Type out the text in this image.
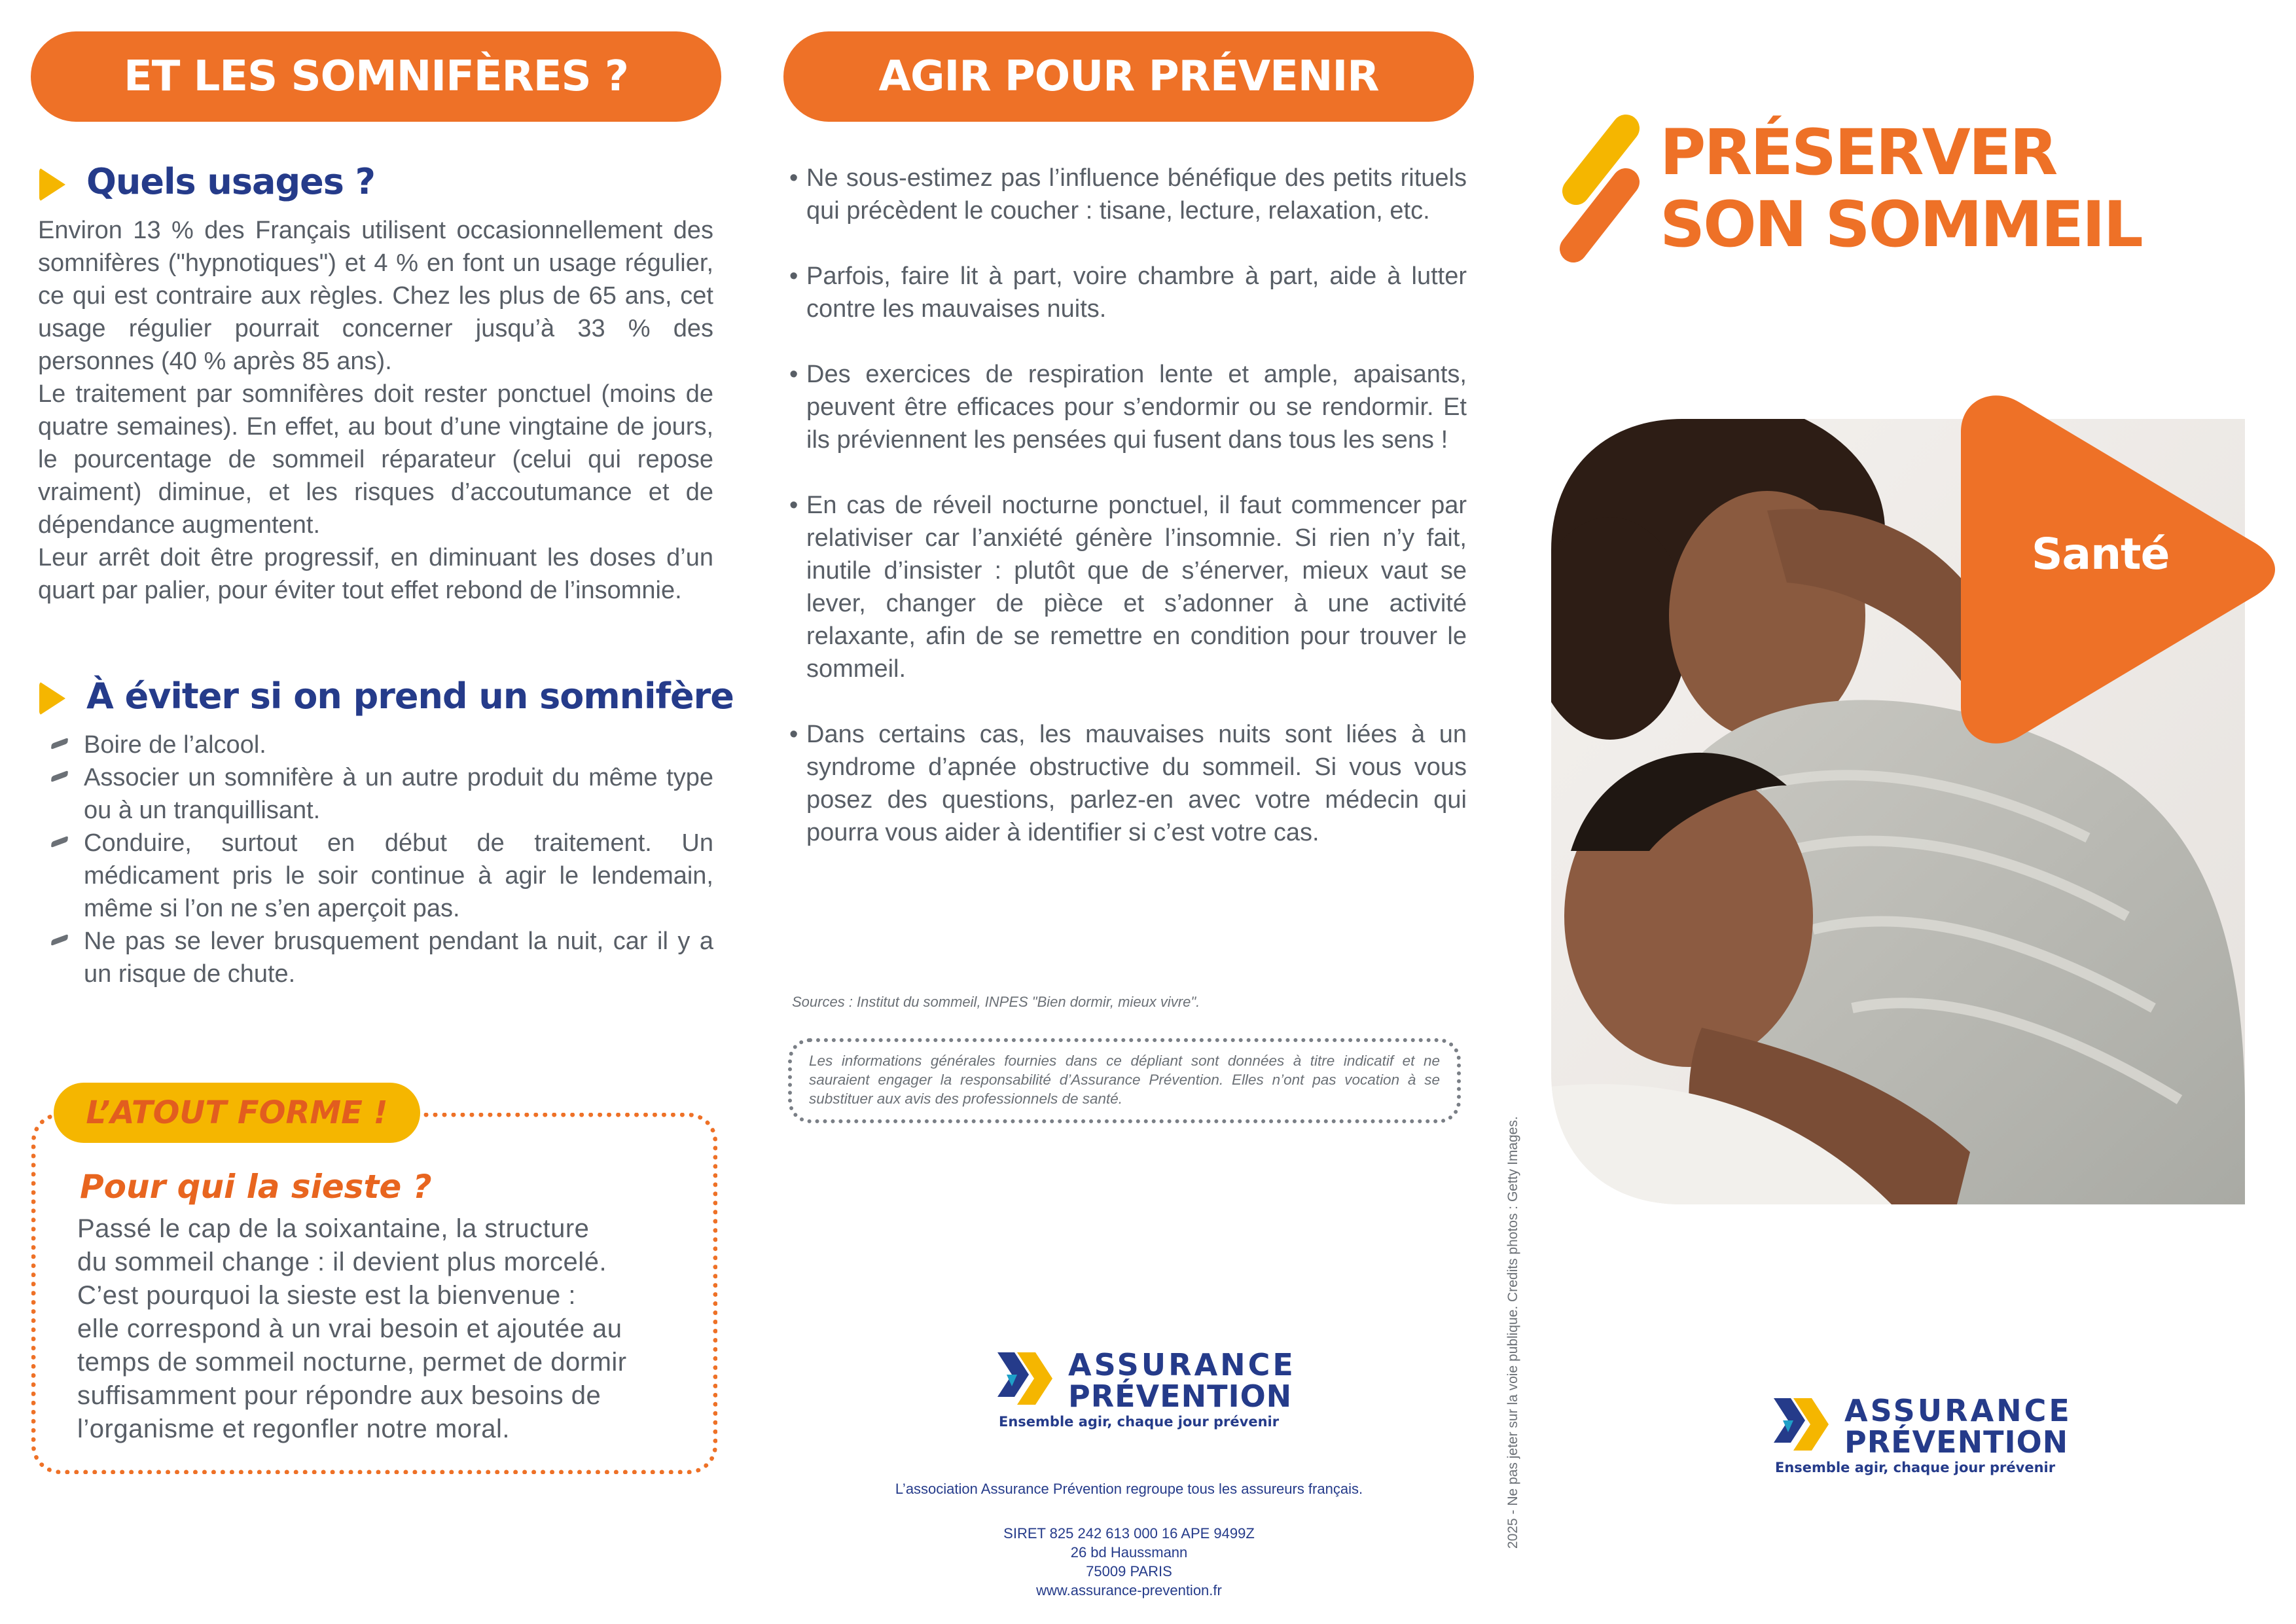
ET LES SOMNIFÈRES ?
Quels usages ?

Environ 13 % des Français utilisent occasionnellement des somnifères ("hypnotiques") et 4 % en font un usage régulier, ce qui est contraire aux règles. Chez les plus de 65 ans, cet usage régulier pourrait concerner jusqu’à 33 % des personnes (40 % après 85 ans).

Le traitement par somnifères doit rester ponctuel (moins de quatre semaines). En effet, au bout d’une vingtaine de jours, le pourcentage de sommeil réparateur (celui qui repose vraiment) diminue, et les risques d’accoutumance et de dépendance augmentent.

Leur arrêt doit être progressif, en diminuant les doses d’un quart par palier, pour éviter tout effet rebond de l’insomnie.

À éviter si on prend un somnifère
Boire de l’alcool.
Associer un somnifère à un autre produit du même type ou à un tranquillisant.
Conduire, surtout en début de traitement. Un médicament pris le soir continue à agir le lendemain, même si l’on ne s’en aperçoit pas.
Ne pas se lever brusquement pendant la nuit, car il y a un risque de chute.
L’ATOUT FORME !
Pour qui la sieste ?
Passé le cap de la soixantaine, la structure
du sommeil change : il devient plus morcelé.
C’est pourquoi la sieste est la bienvenue :
elle correspond à un vrai besoin et ajoutée au
temps de sommeil nocturne, permet de dormir
suffisamment pour répondre aux besoins de
l’organisme et regonfler notre moral.
AGIR POUR PRÉVENIR
• Ne sous-estimez pas l’influence bénéfique des petits rituels qui précèdent le coucher : tisane, lecture, relaxation, etc.
• Parfois, faire lit à part, voire chambre à part, aide à lutter contre les mauvaises nuits.
• Des exercices de respiration lente et ample, apaisants, peuvent être efficaces pour s’endormir ou se rendormir. Et ils préviennent les pensées qui fusent dans tous les sens !
• En cas de réveil nocturne ponctuel, il faut commencer par relativiser car l’anxiété génère l’insomnie. Si rien n’y fait, inutile d’insister : plutôt que de s’énerver, mieux vaut se lever, changer de pièce et s’adonner à une activité relaxante, afin de se remettre en condition pour trouver le sommeil.
• Dans certains cas, les mauvaises nuits sont liées à un syndrome d’apnée obstructive du sommeil. Si vous vous posez des questions, parlez-en avec votre médecin qui pourra vous aider à identifier si c’est votre cas.
Sources : Institut du sommeil, INPES "Bien dormir, mieux vivre".
Les informations générales fournies dans ce dépliant sont données à titre indicatif et ne sauraient engager la responsabilité d’Assurance Prévention. Elles n’ont pas vocation à se substituer aux avis des professionnels de santé.
ASSURANCE
PRÉVENTION
Ensemble agir, chaque jour prévenir
L’association Assurance Prévention regroupe tous les assureurs français.
SIRET 825 242 613 000 16 APE 9499Z
26 bd Haussmann
75009 PARIS
www.assurance-prevention.fr
2025 - Ne pas jeter sur la voie publique. Credits photos : Getty Images.
PRÉSERVER
SON SOMMEIL
Santé
ASSURANCE
PRÉVENTION
Ensemble agir, chaque jour prévenir
